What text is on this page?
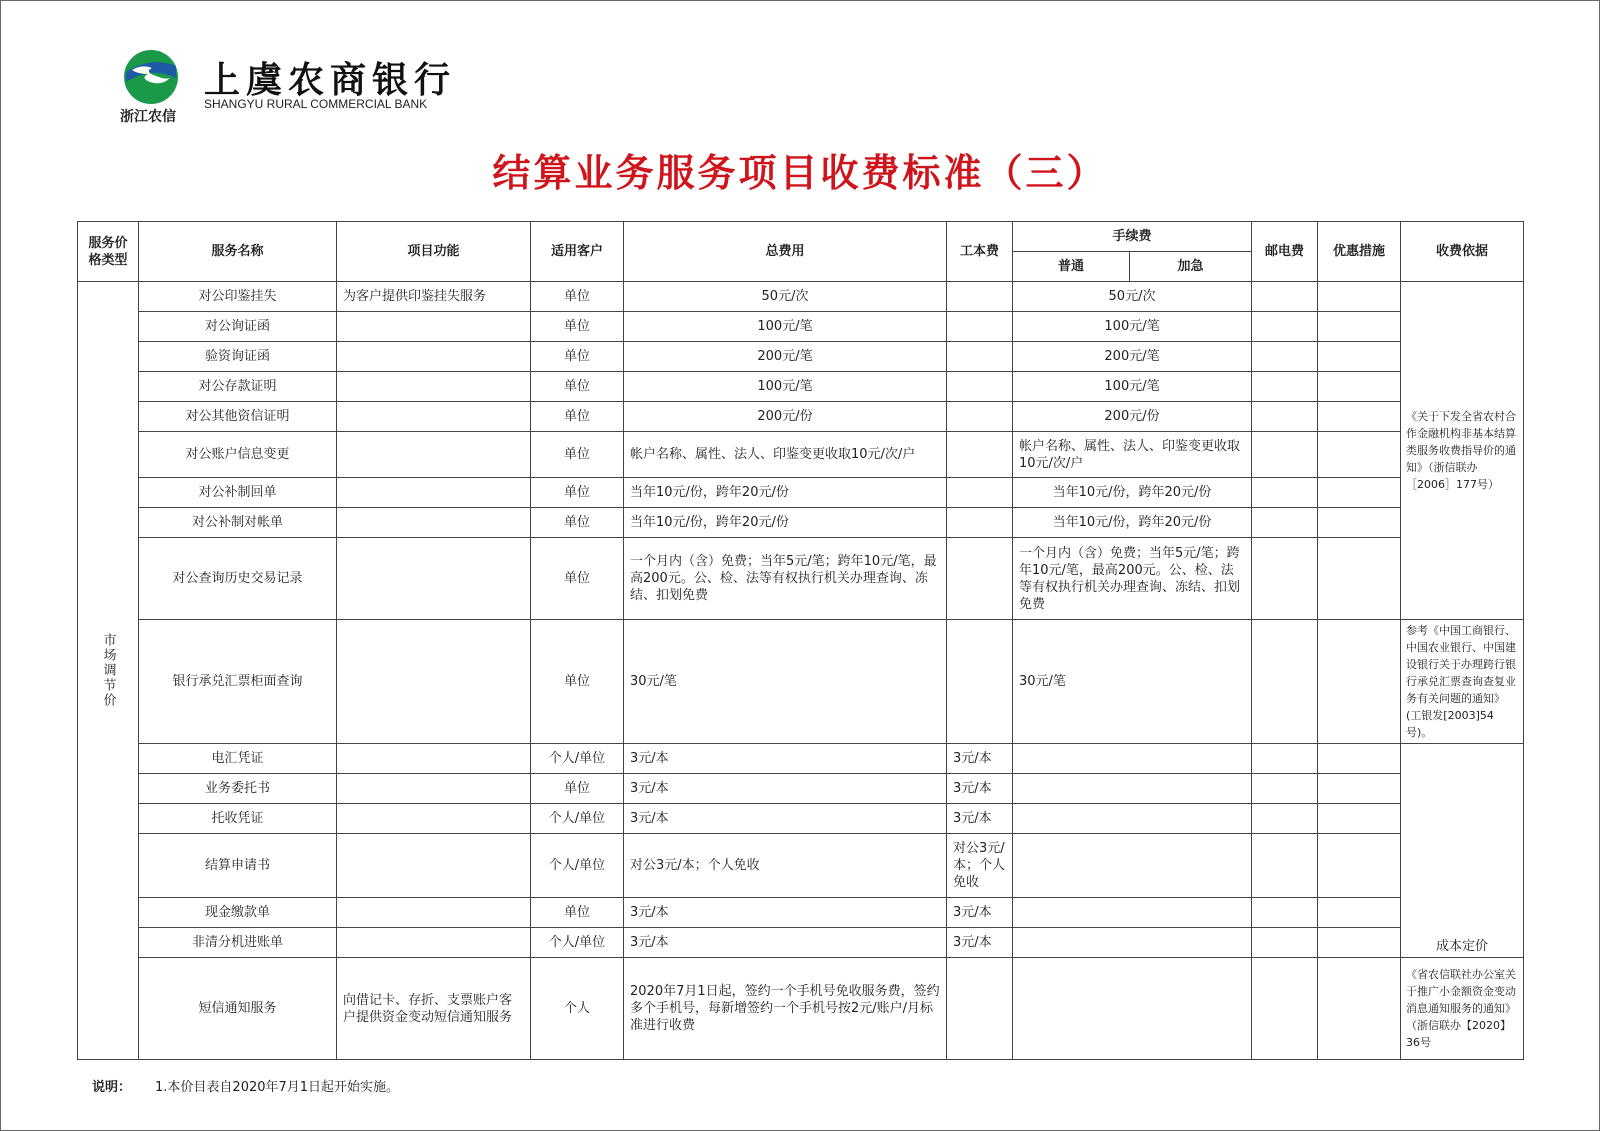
浙江农信
上虞农商银行
SHANGYU RURAL COMMERCIAL BANK
结算业务服务项目收费标准（三）
服务价格类型	服务名称	项目功能	适用客户	总费用	工本费	手续费		邮电费	优惠措施	收费依据
						普通	加急			
市场调节价	对公印鉴挂失	为客户提供印鉴挂失服务	单位	50元/次		50元/次				《关于下发全省农村合作金融机构非基本结算类服务收费指导价的通知》（浙信联办［2006］177号）
	对公询证函		单位	100元/笔		100元/笔				
	验资询证函		单位	200元/笔		200元/笔				
	对公存款证明		单位	100元/笔		100元/笔				
	对公其他资信证明		单位	200元/份		200元/份				
	对公账户信息变更		单位	帐户名称、属性、法人、印鉴变更收取10元/次/户		帐户名称、属性、法人、印鉴变更收取10元/次/户				
	对公补制回单		单位	当年10元/份，跨年20元/份		当年10元/份，跨年20元/份				
	对公补制对帐单		单位	当年10元/份，跨年20元/份		当年10元/份，跨年20元/份				
	对公查询历史交易记录		单位	一个月内（含）免费；当年5元/笔；跨年10元/笔，最高200元。公、检、法等有权执行机关办理查询、冻结、扣划免费		一个月内（含）免费；当年5元/笔；跨年10元/笔，最高200元。公、检、法等有权执行机关办理查询、冻结、扣划免费				
	银行承兑汇票柜面查询		单位	30元/笔		30元/笔				参考《中国工商银行、中国农业银行、中国建设银行关于办理跨行银行承兑汇票查询查复业务有关问题的通知》(工银发[2003]54号)。
	电汇凭证		个人/单位	3元/本	3元/本					成本定价
	业务委托书		单位	3元/本	3元/本					
	托收凭证		个人/单位	3元/本	3元/本					
	结算申请书		个人/单位	对公3元/本；个人免收	对公3元/本；个人免收					
	现金缴款单		单位	3元/本	3元/本					
	非清分机进账单		个人/单位	3元/本	3元/本					
	短信通知服务	向借记卡、存折、支票账户客户提供资金变动短信通知服务	个人	2020年7月1日起，签约一个手机号免收服务费，签约多个手机号，每新增签约一个手机号按2元/账户/月标准进行收费						《省农信联社办公室关于推广小金额资金变动消息通知服务的通知》（浙信联办【2020】36号
说明： 1.本价目表自2020年7月1日起开始实施。
